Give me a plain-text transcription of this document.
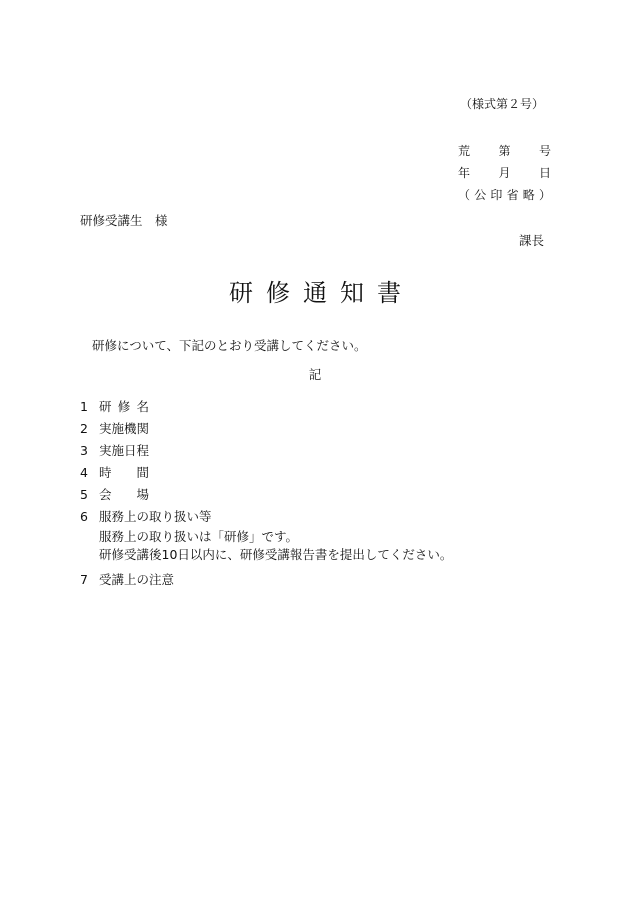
（様式第２号）
荒 第 号
年 月 日
（ 公 印 省 略 ）
研修受講生　様
課長
研修通知書
研修について、下記のとおり受講してください。
記
1 研 修 名
2 実施機関
3 実施日程
4 時 間
5 会 場
6 服務上の取り扱い等
服務上の取り扱いは「研修」です。
研修受講後10日以内に、研修受講報告書を提出してください。
7 受講上の注意
